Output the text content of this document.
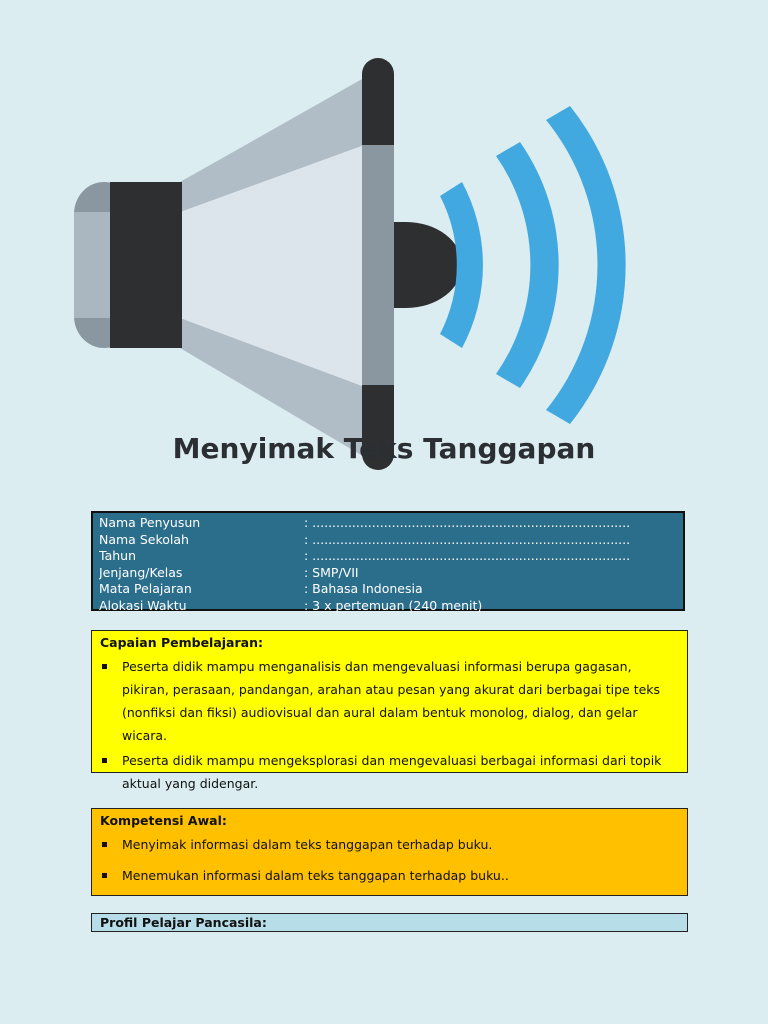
Menyimak Teks Tanggapan
Nama Penyusun	: ................................................................................
Nama Sekolah	: ................................................................................
Tahun	: ................................................................................
Jenjang/Kelas	: SMP/VII
Mata Pelajaran	: Bahasa Indonesia
Alokasi Waktu	: 3 x pertemuan (240 menit)
Capaian Pembelajaran:
Peserta didik mampu menganalisis dan mengevaluasi informasi berupa gagasan, pikiran, perasaan, pandangan, arahan atau pesan yang akurat dari berbagai tipe teks (nonfiksi dan fiksi) audiovisual dan aural dalam bentuk monolog, dialog, dan gelar wicara.
Peserta didik mampu mengeksplorasi dan mengevaluasi berbagai informasi dari topik aktual yang didengar.
Kompetensi Awal:
Menyimak informasi dalam teks tanggapan terhadap buku.
Menemukan informasi dalam teks tanggapan terhadap buku..
Profil Pelajar Pancasila:
